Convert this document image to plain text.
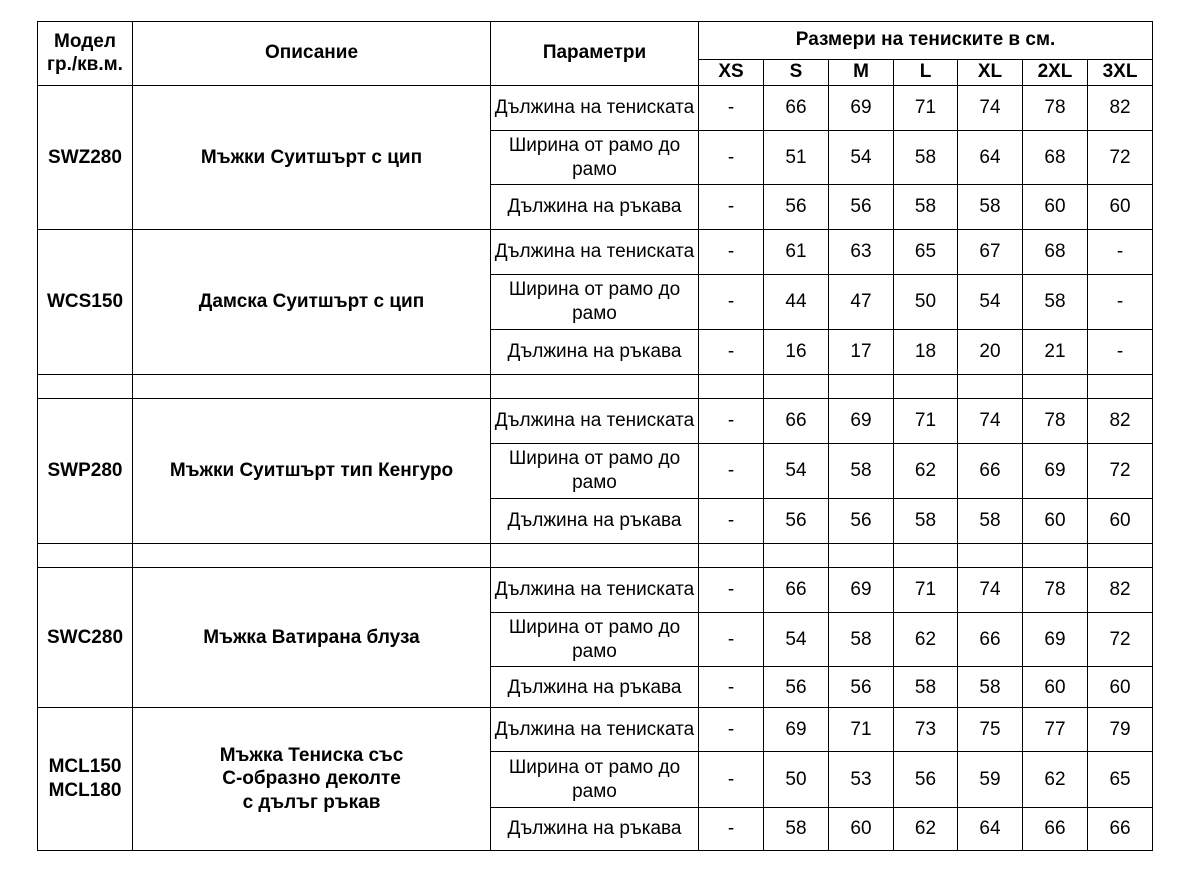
Модел
гр./кв.м.	Описание	Параметри	Размери на тениските в см.						
			XS	S	M	L	XL	2XL	3XL
SWZ280	Мъжки Суитшърт с цип	Дължина на тениската	-	66	69	71	74	78	82
		Ширина от рамо до
рамо	-	51	54	58	64	68	72
		Дължина на ръкава	-	56	56	58	58	60	60
WCS150	Дамска Суитшърт с цип	Дължина на тениската	-	61	63	65	67	68	-
		Ширина от рамо до
рамо	-	44	47	50	54	58	-
		Дължина на ръкава	-	16	17	18	20	21	-

SWP280	Мъжки Суитшърт тип Кенгуро	Дължина на тениската	-	66	69	71	74	78	82
		Ширина от рамо до
рамо	-	54	58	62	66	69	72
		Дължина на ръкава	-	56	56	58	58	60	60

SWC280	Мъжка Ватирана блуза	Дължина на тениската	-	66	69	71	74	78	82
		Ширина от рамо до
рамо	-	54	58	62	66	69	72
		Дължина на ръкава	-	56	56	58	58	60	60
MCL150
MCL180	Мъжка Тениска със
С-образно деколте
с дълъг ръкав	Дължина на тениската	-	69	71	73	75	77	79
		Ширина от рамо до
рамо	-	50	53	56	59	62	65
		Дължина на ръкава	-	58	60	62	64	66	66
